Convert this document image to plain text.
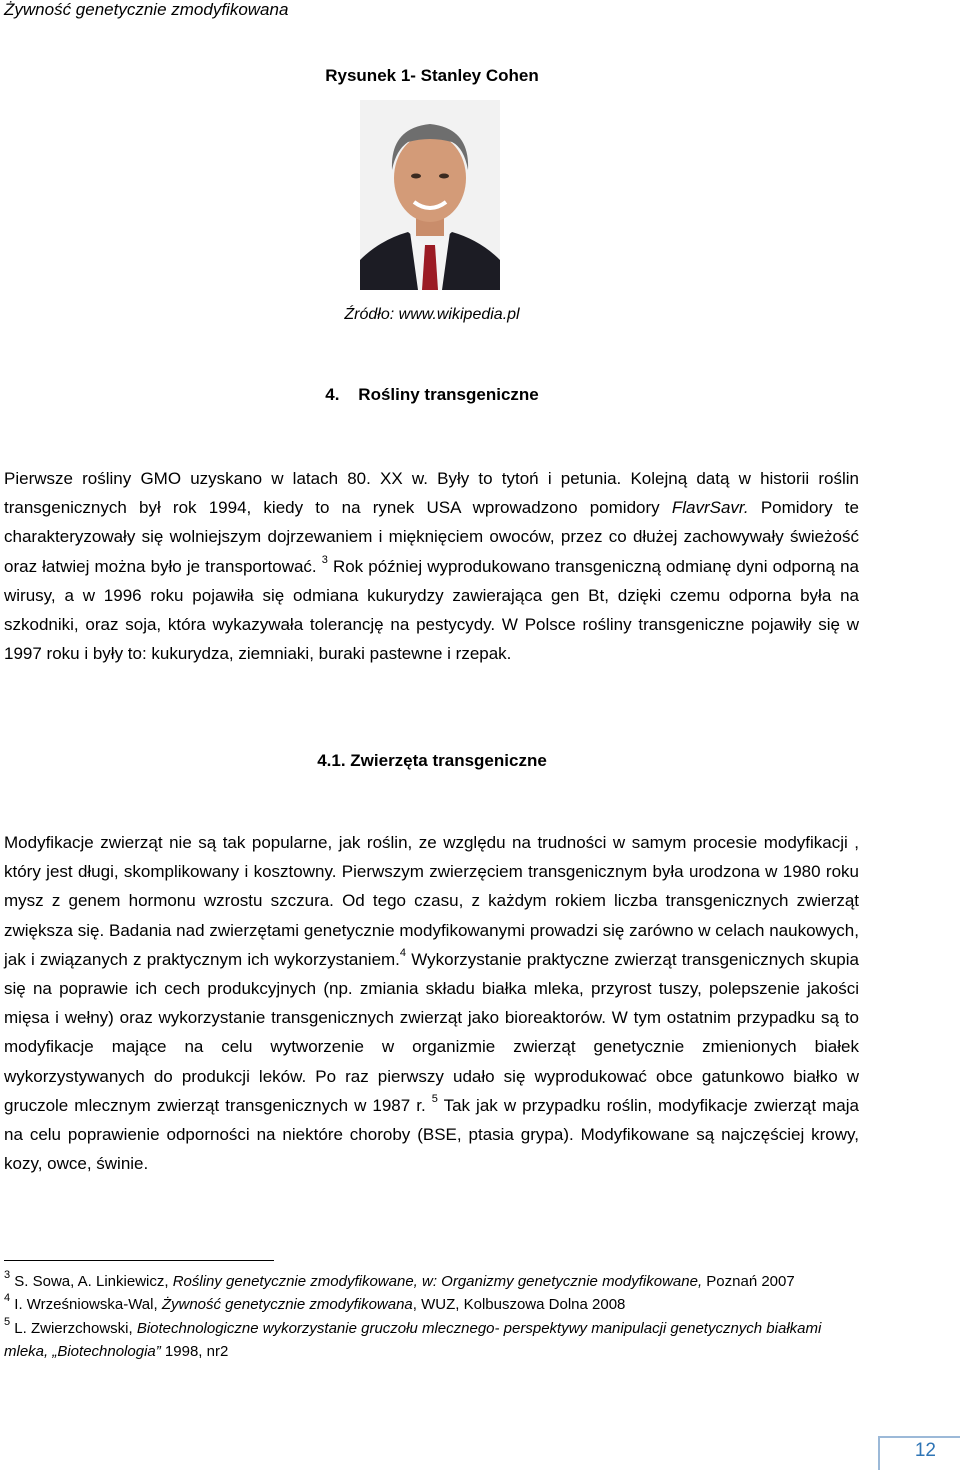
Żywność genetycznie zmodyfikowana
Rysunek 1- Stanley Cohen
Źródło: www.wikipedia.pl
4.    Rośliny transgeniczne
Pierwsze rośliny GMO uzyskano w latach 80. XX w. Były to tytoń i petunia. Kolejną datą w historii roślin transgenicznych był rok 1994, kiedy to na rynek USA wprowadzono pomidory FlavrSavr. Pomidory te charakteryzowały się wolniejszym dojrzewaniem i mięknięciem owoców, przez co dłużej zachowywały świeżość oraz łatwiej można było je transportować. $^3$ Rok później wyprodukowano transgeniczną odmianę dyni odporną na wirusy, a w 1996 roku pojawiła się odmiana kukurydzy zawierająca gen Bt, dzięki czemu odporna była na szkodniki, oraz soja, która wykazywała tolerancję na pestycydy. W Polsce rośliny transgeniczne pojawiły się w 1997 roku i były to: kukurydza, ziemniaki, buraki pastewne i rzepak.
4.1. Zwierzęta transgeniczne
Modyfikacje zwierząt nie są tak popularne, jak roślin, ze względu na trudności w samym procesie modyfikacji , który jest długi, skomplikowany i kosztowny. Pierwszym zwierzęciem transgenicznym była urodzona w 1980 roku mysz z genem hormonu wzrostu szczura. Od tego czasu, z każdym rokiem liczba transgenicznych zwierząt zwiększa się. Badania nad zwierzętami genetycznie modyfikowanymi prowadzi się zarówno w celach naukowych, jak i związanych z praktycznym ich wykorzystaniem.$^4$ Wykorzystanie praktyczne zwierząt transgenicznych skupia się na poprawie ich cech produkcyjnych (np. zmiania składu białka mleka, przyrost tuszy, polepszenie jakości mięsa i wełny) oraz wykorzystanie transgenicznych zwierząt jako bioreaktorów. W tym ostatnim przypadku są to modyfikacje mające na celu wytworzenie w organizmie zwierząt genetycznie zmienionych białek wykorzystywanych do produkcji leków. Po raz pierwszy udało się wyprodukować obce gatunkowo białko w gruczole mlecznym zwierząt transgenicznych w 1987 r. $^5$ Tak jak w przypadku roślin, modyfikacje zwierząt maja na celu poprawienie odporności na niektóre choroby (BSE, ptasia grypa). Modyfikowane są najczęściej krowy, kozy, owce, świnie.
$^3$ S. Sowa, A. Linkiewicz, Rośliny genetycznie zmodyfikowane, w: Organizmy genetycznie modyfikowane, Poznań 2007
$^4$ I. Wrześniowska-Wal, Żywność genetycznie zmodyfikowana, WUZ, Kolbuszowa Dolna 2008
$^5$ L. Zwierzchowski, Biotechnologiczne wykorzystanie gruczołu mlecznego- perspektywy manipulacji genetycznych białkami mleka, „Biotechnologia” 1998, nr2
12
